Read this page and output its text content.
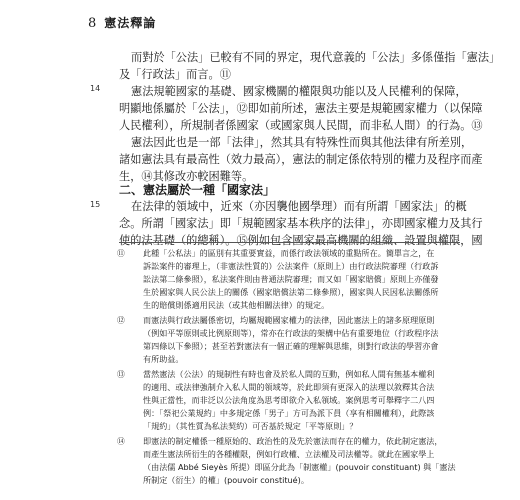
8 憲法釋論
14
15
而對於「公法」已較有不同的界定，現代意義的「公法」多係僅指「憲法」
及「行政法」而言。⑪
憲法規範國家的基礎、國家機關的權限與功能以及人民權利的保障，
明顯地係屬於「公法」，⑫即如前所述，憲法主要是規範國家權力（以保障
人民權利），所規制者係國家（或國家與人民間，而非私人間）的行為。⑬
憲法因此也是一部「法律」，然其具有特殊性而與其他法律有所差別，
諸如憲法具有最高性（效力最高），憲法的制定係依特別的權力及程序而產
生，⑭其修改亦較困難等。
二、憲法屬於一種「國家法」
在法律的領域中，近來（亦因襲他國學理）而有所謂「國家法」的概
念。所謂「國家法」即「規範國家基本秩序的法律」，亦即國家權力及其行
使的法基礎（的總稱）。⑮例如包含國家最高機關的組織、設置與權限，國
⑪	此種「公私法」的區別有其重要實益，而係行政法領域的重點所在。簡單言之，在
訴訟案件的審理上，（非憲法性質的）公法案件（原則上）由行政法院審理（行政訴
訟法第二條參照），私法案件則由普通法院審理；而又如「國家賠償」原則上亦僅發
生於國家與人民公法上的關係（國家賠償法第二條參照），國家與人民因私法關係所
生的賠償則係適用民法（或其他相關法律）的規定。
⑫	而憲法與行政法屬係密切，均屬規範國家權力的法律，因此憲法上的諸多原理原則
（例如平等原則或比例原則等），常亦在行政法的架構中佔有重要地位（行政程序法
第四條以下參照）；甚至若對憲法有一個正確的理解與思維，則對行政法的學習亦會
有所助益。
⑬	當然憲法（公法）的規制性有時也會及於私人間的互動，例如私人間有無基本權利
的適用、或法律強制介入私人間的領域等，於此即須有更深入的法理以敘釋其合法
性與正當性，而非泛以公法角度為思考即欲介入私領域。案例思考可舉釋字二八四
例：「祭祀公業規約」中多規定係「男子」方可為派下員（享有相關權利），此際該
「規約」（其性質為私法契約）可否基於規定「平等原則」？
⑭	即憲法的制定權係一種原始的、政治性的及先於憲法而存在的權力，依此制定憲法，
而產生憲法所衍生的各種權限，例如行政權、立法權及司法權等。就此在國家學上
（由法儒 Abbé Sieyès 所提）即區分此為「制憲權」(pouvoir constituant) 與「憲法
所制定（衍生）的權」(pouvoir constitué)。
